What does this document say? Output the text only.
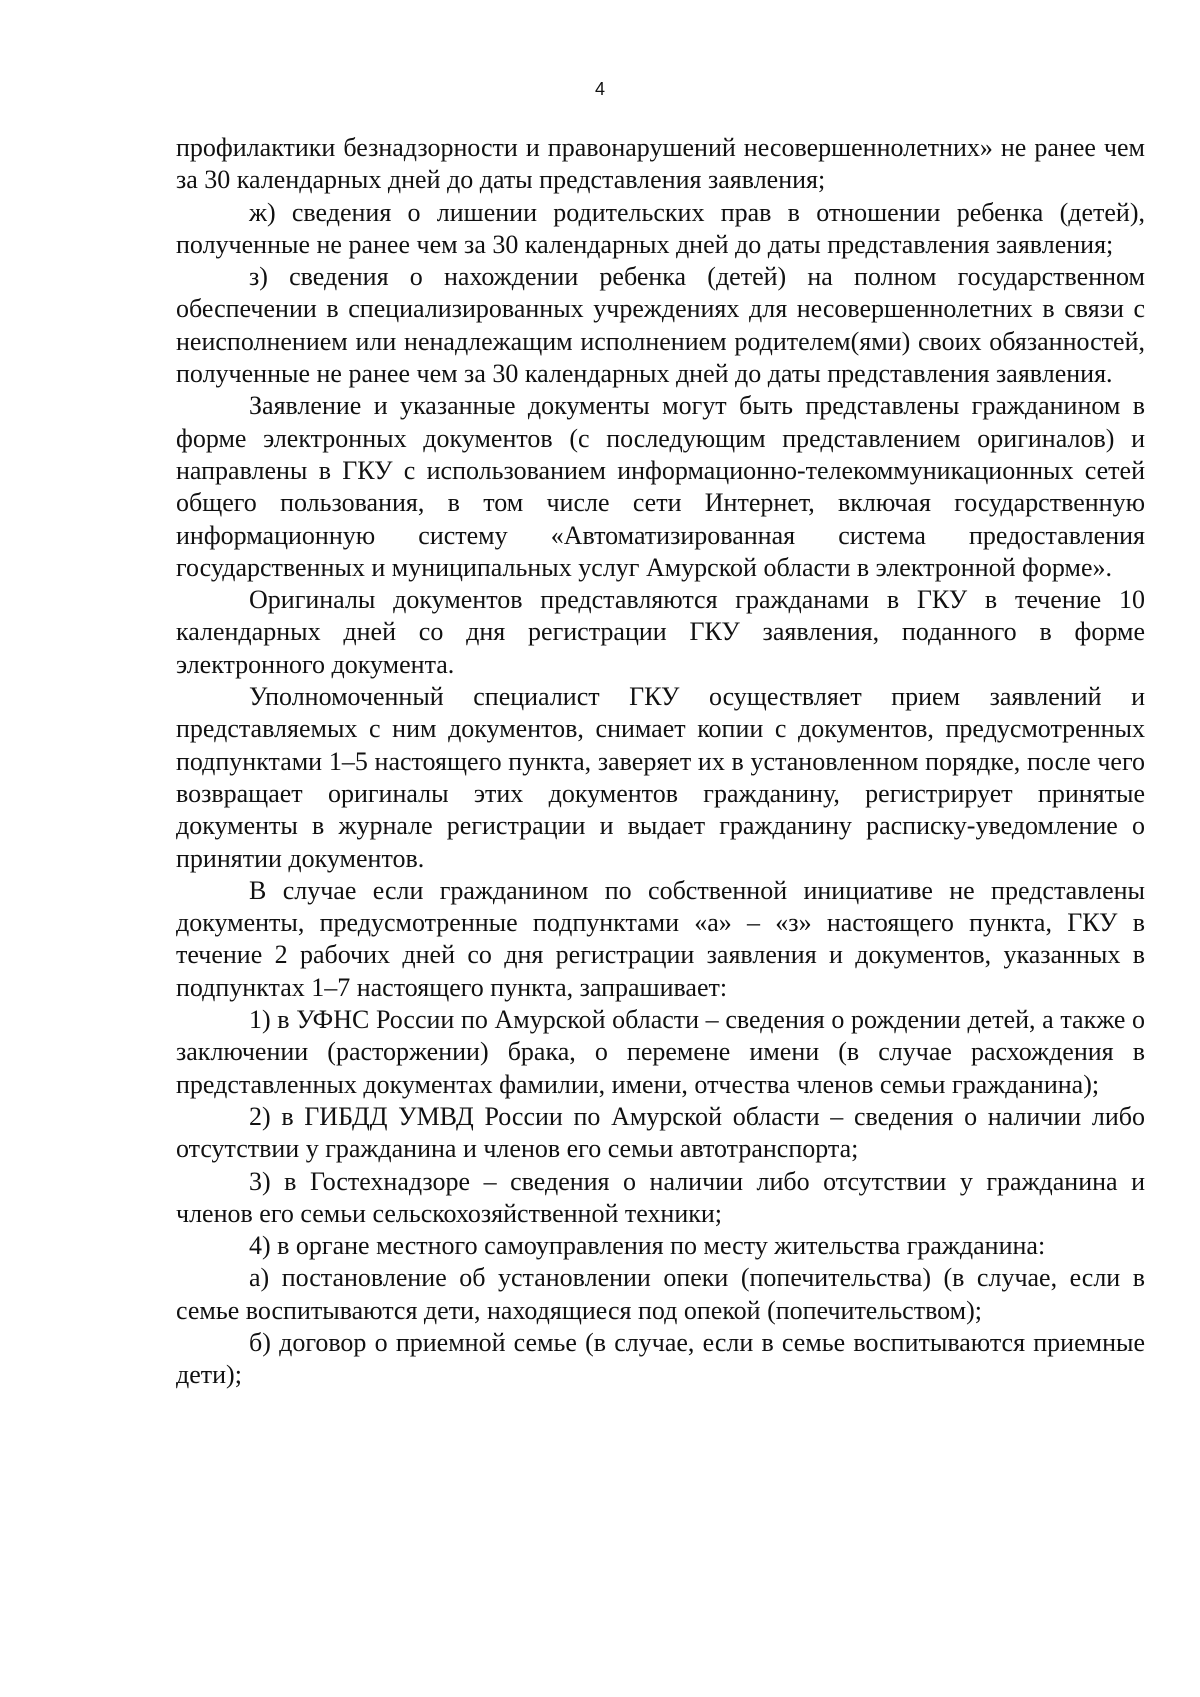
4

профилактики безнадзорности и правонарушений несовершеннолетних» не ранее чем за 30 календарных дней до даты представления заявления;

ж) сведения о лишении родительских прав в отношении ребенка (детей), полученные не ранее чем за 30 календарных дней до даты представления заявления;

з) сведения о нахождении ребенка (детей) на полном государственном обеспечении в специализированных учреждениях для несовершеннолетних в связи с неисполнением или ненадлежащим исполнением родителем(ями) своих обязанностей, полученные не ранее чем за 30 календарных дней до даты представления заявления.

Заявление и указанные документы могут быть представлены гражданином в форме электронных документов (с последующим представлением оригиналов) и направлены в ГКУ с использованием информационно-телекоммуникационных сетей общего пользования, в том числе сети Интернет, включая государственную информационную систему «Автоматизированная система предоставления государственных и муниципальных услуг Амурской области в электронной форме».

Оригиналы документов представляются гражданами в ГКУ в течение 10 календарных дней со дня регистрации ГКУ заявления, поданного в форме электронного документа.

Уполномоченный специалист ГКУ осуществляет прием заявлений и представляемых с ним документов, снимает копии с документов, предусмотренных подпунктами 1–5 настоящего пункта, заверяет их в установленном порядке, после чего возвращает оригиналы этих документов гражданину, регистрирует принятые документы в журнале регистрации и выдает гражданину расписку-уведомление о принятии документов.

В случае если гражданином по собственной инициативе не представлены документы, предусмотренные подпунктами «а» – «з» настоящего пункта, ГКУ в течение 2 рабочих дней со дня регистрации заявления и документов, указанных в подпунктах 1–7 настоящего пункта, запрашивает:

1) в УФНС России по Амурской области – сведения о рождении детей, а также о заключении (расторжении) брака, о перемене имени (в случае расхождения в представленных документах фамилии, имени, отчества членов семьи гражданина);

2) в ГИБДД УМВД России по Амурской области – сведения о наличии либо отсутствии у гражданина и членов его семьи автотранспорта;

3) в Гостехнадзоре – сведения о наличии либо отсутствии у гражданина и членов его семьи сельскохозяйственной техники;

4) в органе местного самоуправления по месту жительства гражданина:

а) постановление об установлении опеки (попечительства) (в случае, если в семье воспитываются дети, находящиеся под опекой (попечительством);

б) договор о приемной семье (в случае, если в семье воспитываются приемные дети);
